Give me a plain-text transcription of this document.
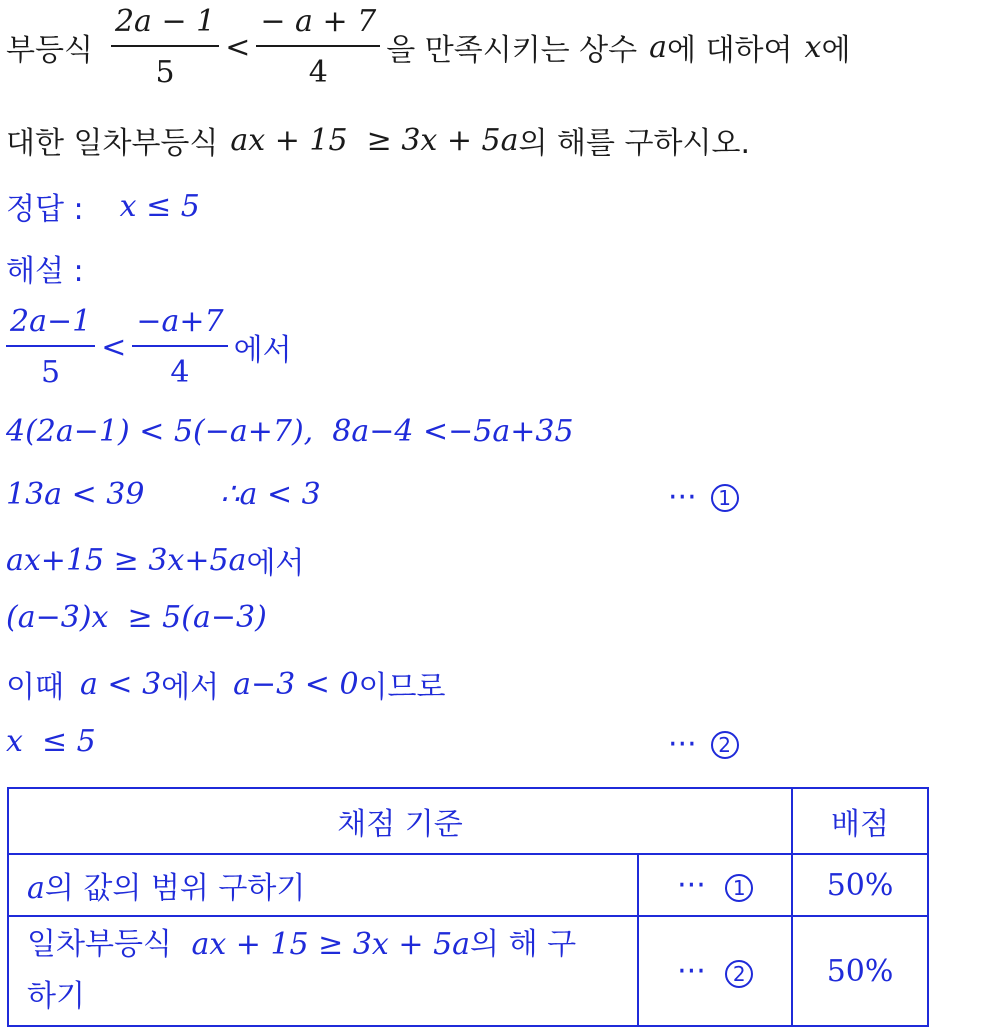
부등식 $\frac{2a - 1}{5} < \frac{- a + 7}{4}$ 을 만족시키는 상수 a 에 대하여 x 에
대한 일차부등식 ax + 15  ≥ 3x + 5a 의 해를 구하시오.
정답 : x ≤ 5
해설 :
$\frac{2a-1}{5} < \frac{-a+7}{4}$ 에서
4(2a−1) < 5(−a+7),  8a−4 <−5a+35
13a < 39	∴a < 3	···	1
ax+15 ≥ 3x+5a 에서
(a−3)x  ≥ 5(a−3)
이때 a < 3 에서 a−3 < 0 이므로
x  ≤ 5	···	2
채점 기준		배점
a의 값의 범위 구하기	··· 1	50%

일차부등식 ax + 15 ≥ 3x + 5a의 해 구
하기	··· 2	50%
